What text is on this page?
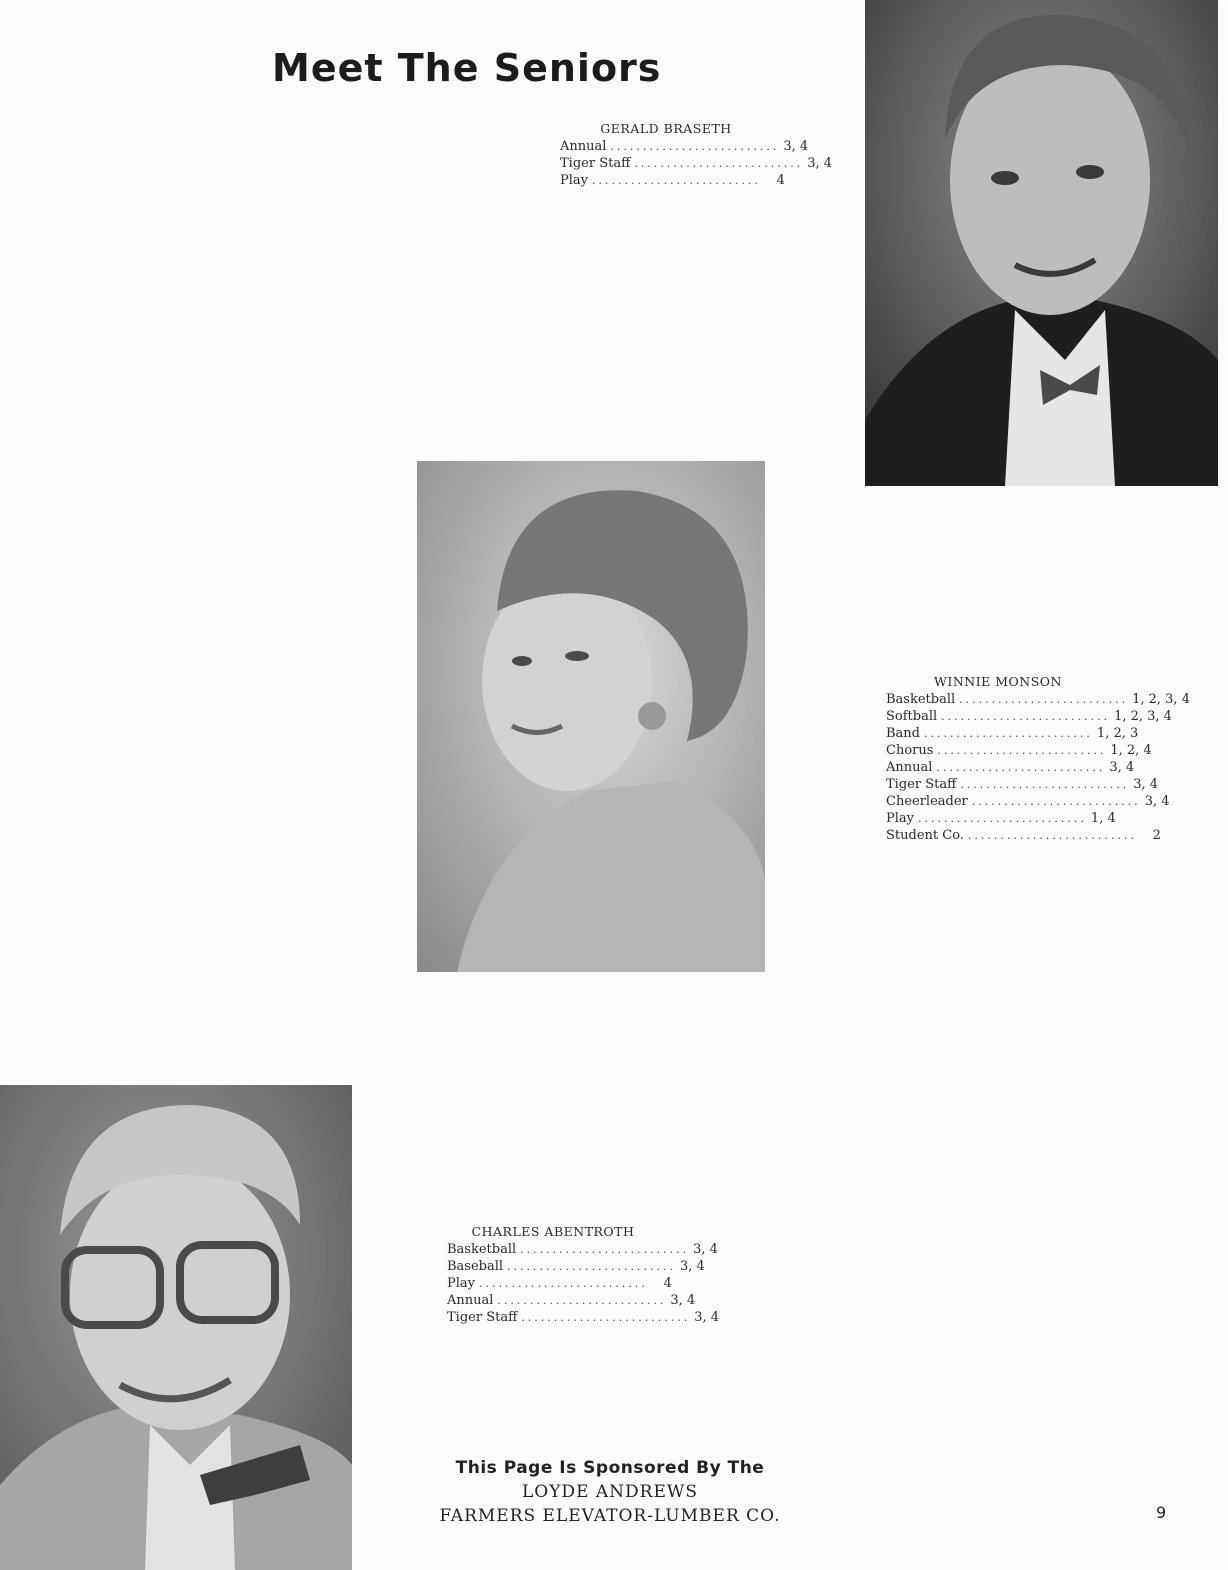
Meet The Seniors
GERALD BRASETH
Annual .......................... 3, 4
Tiger Staff .......................... 3, 4
Play ..........................	4
WINNIE MONSON
Basketball .......................... 1, 2, 3, 4
Softball .......................... 1, 2, 3, 4
Band .......................... 1, 2, 3
Chorus .......................... 1, 2, 4
Annual .......................... 3, 4
Tiger Staff .......................... 3, 4
Cheerleader .......................... 3, 4
Play .......................... 1, 4
Student Co. ..........................	2
CHARLES ABENTROTH
Basketball .......................... 3, 4
Baseball .......................... 3, 4
Play ..........................	4
Annual .......................... 3, 4
Tiger Staff .......................... 3, 4
This Page Is Sponsored By The
LOYDE ANDREWS
FARMERS ELEVATOR-LUMBER CO.	9
